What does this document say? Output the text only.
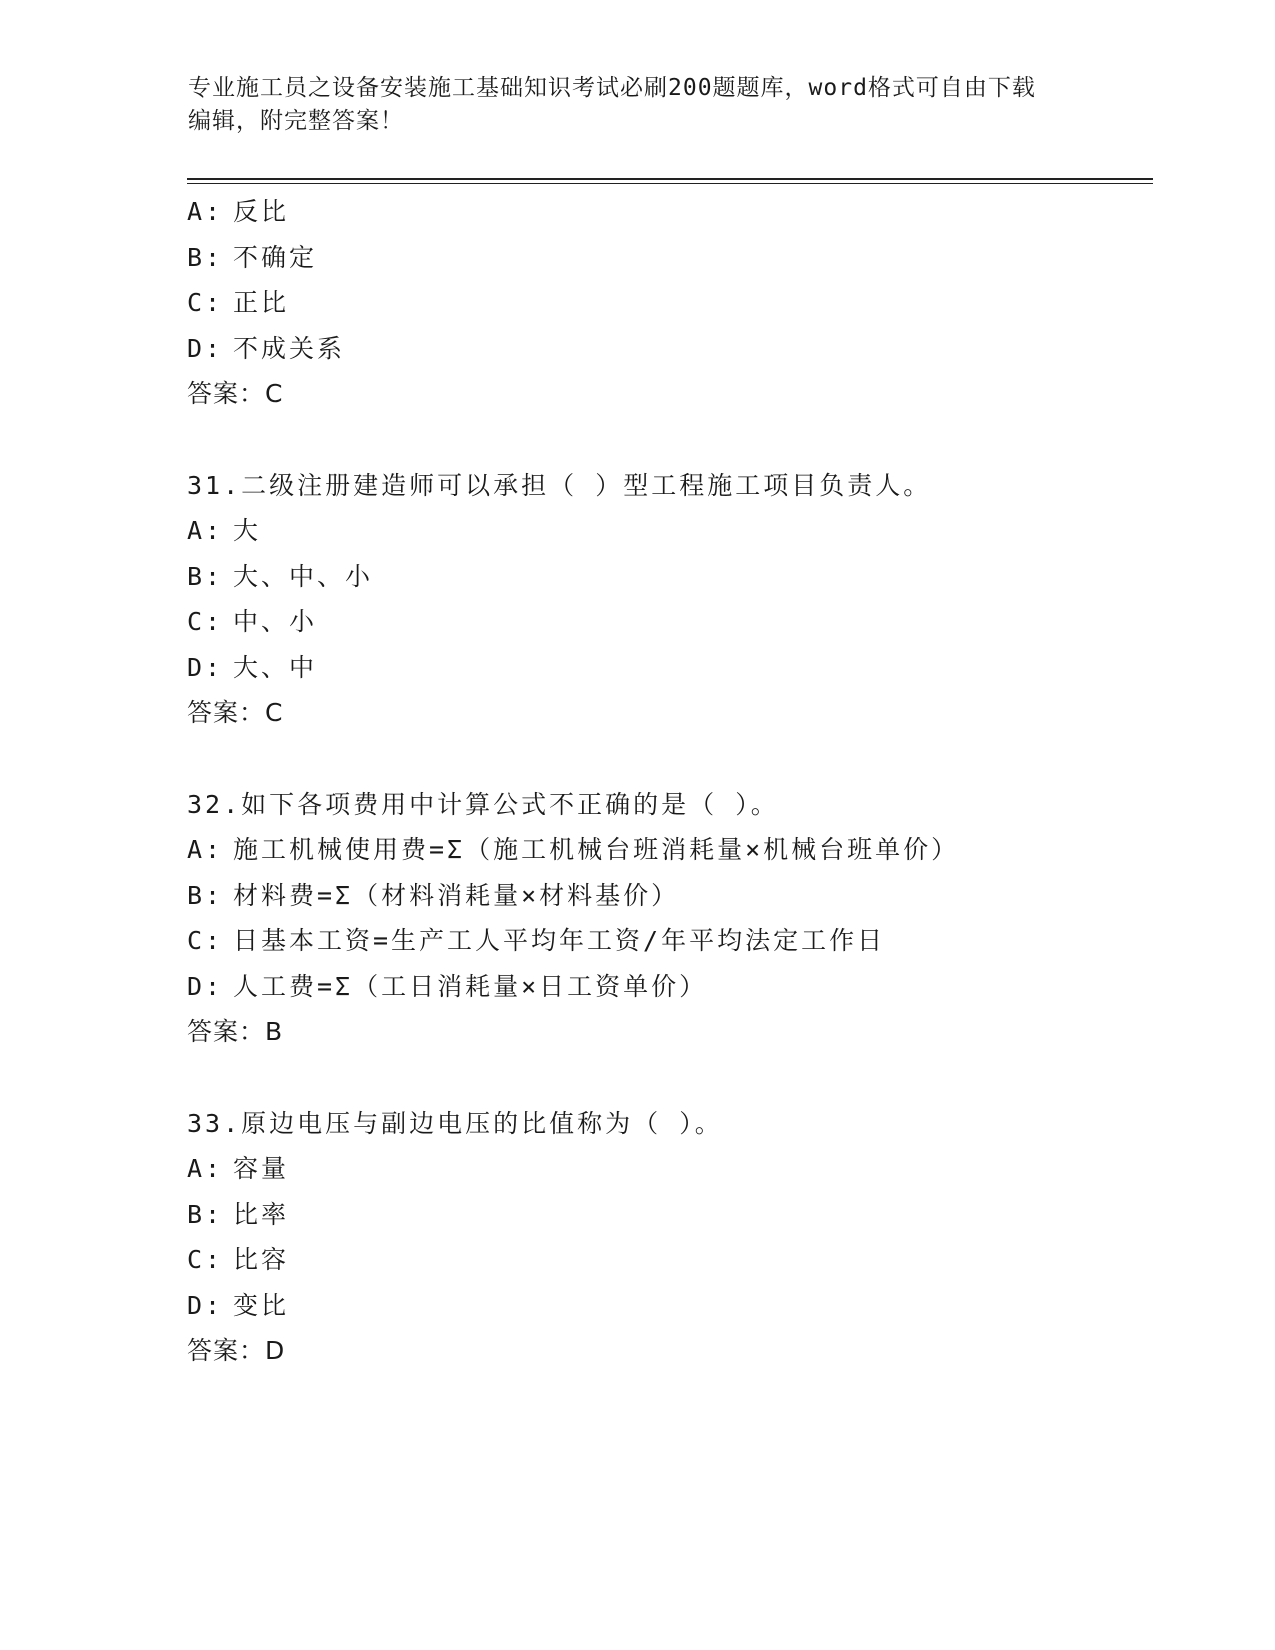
专业施工员之设备安装施工基础知识考试必刷200题题库，word格式可自由下载
编辑，附完整答案！
A: 反比
B: 不确定
C: 正比
D: 不成关系
答案：C
31.二级注册建造师可以承担（ ）型工程施工项目负责人。
A: 大
B: 大、中、小
C: 中、小
D: 大、中
答案：C
32.如下各项费用中计算公式不正确的是（ ）。
A: 施工机械使用费=Σ（施工机械台班消耗量×机械台班单价）
B: 材料费=Σ（材料消耗量×材料基价）
C: 日基本工资=生产工人平均年工资/年平均法定工作日
D: 人工费=Σ（工日消耗量×日工资单价）
答案：B
33.原边电压与副边电压的比值称为（ ）。
A: 容量
B: 比率
C: 比容
D: 变比
答案：D
